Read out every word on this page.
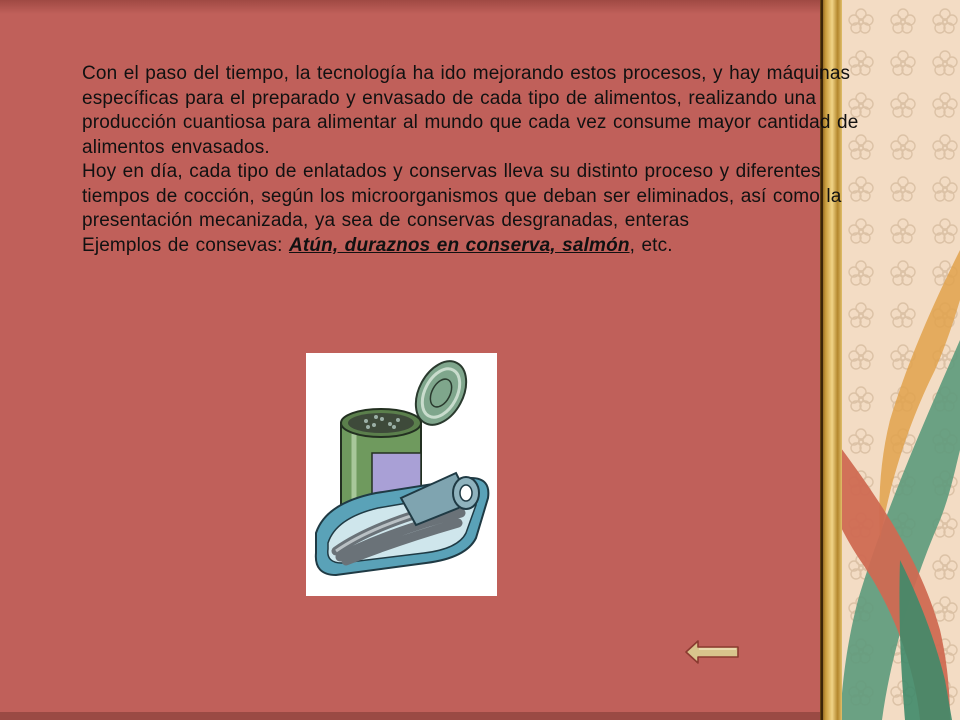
Con el paso del tiempo, la tecnología ha ido mejorando estos procesos, y hay máquinas específicas para el preparado y envasado de cada tipo de alimentos, realizando una producción cuantiosa para alimentar al mundo que cada vez consume mayor cantidad de alimentos envasados.

Hoy en día, cada tipo de enlatados y conservas lleva su distinto proceso y diferentes tiempos de cocción, según los microorganismos que deban ser eliminados, así como la presentación mecanizada, ya sea de conservas desgranadas, enteras

Ejemplos de consevas: Atún, duraznos en conserva, salmón, etc.
